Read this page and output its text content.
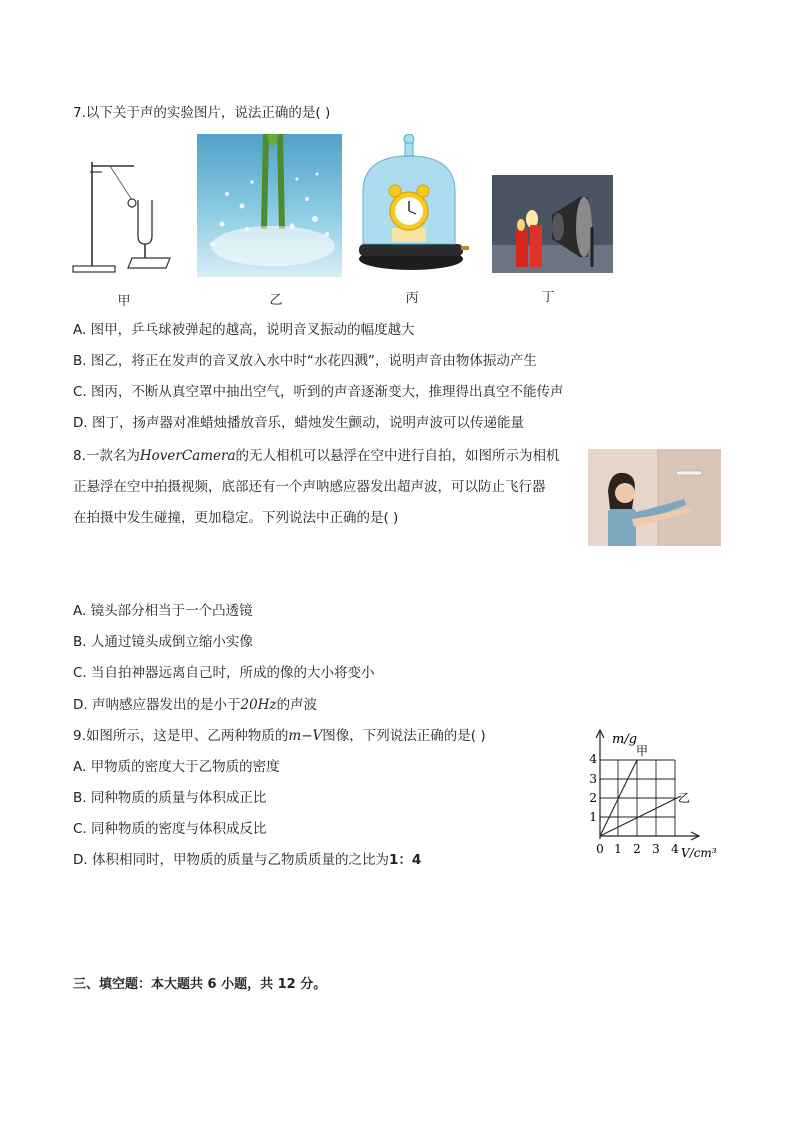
7.以下关于声的实验图片，说法正确的是( )
甲	乙	丙	丁
A. 图甲，乒乓球被弹起的越高，说明音叉振动的幅度越大
B. 图乙，将正在发声的音叉放入水中时“水花四溅”，说明声音由物体振动产生
C. 图丙，不断从真空罩中抽出空气，听到的声音逐渐变大，推理得出真空不能传声
D. 图丁，扬声器对准蜡烛播放音乐，蜡烛发生颤动，说明声波可以传递能量
8.一款名为HoverCamera的无人相机可以悬浮在空中进行自拍，如图所示为相机
正悬浮在空中拍摄视频，底部还有一个声呐感应器发出超声波，可以防止飞行器
在拍摄中发生碰撞，更加稳定。下列说法中正确的是( )
A. 镜头部分相当于一个凸透镜
B. 人通过镜头成倒立缩小实像
C. 当自拍神器远离自己时，所成的像的大小将变小
D. 声呐感应器发出的是小于20Hz的声波
9.如图所示，这是甲、乙两种物质的m−V图像，下列说法正确的是( )
A. 甲物质的密度大于乙物质的密度
B. 同种物质的质量与体积成正比
C. 同种物质的密度与体积成反比
D. 体积相同时，甲物质的质量与乙物质质量的之比为1：4
m/g
甲
乙
4
3
2
1
0 1 2 3 4 V/cm³
三、填空题：本大题共 6 小题，共 12 分。
